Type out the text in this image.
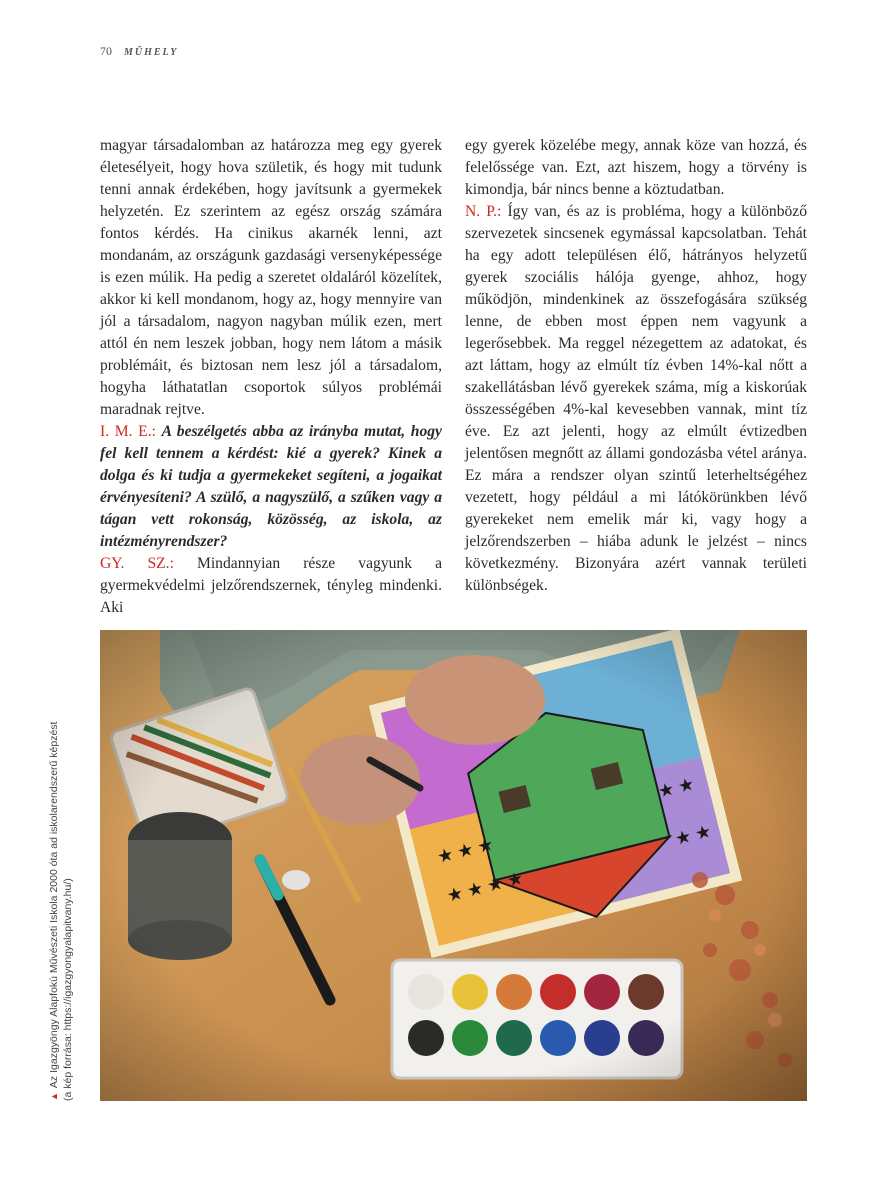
70 MŰHELY

magyar társadalomban az határozza meg egy gyerek életesélyeit, hogy hova születik, és hogy mit tudunk tenni annak érdekében, hogy javítsunk a gyermekek helyzetén. Ez szerintem az egész ország számára fontos kérdés. Ha cinikus akarnék lenni, azt mondanám, az országunk gazdasági versenyképessége is ezen múlik. Ha pedig a szeretet oldaláról közelítek, akkor ki kell mondanom, hogy az, hogy mennyire van jól a társadalom, nagyon nagyban múlik ezen, mert attól én nem leszek jobban, hogy nem látom a másik problémáit, és biztosan nem lesz jól a társadalom, hogyha láthatatlan csoportok súlyos problémái maradnak rejtve.

I. M. E.: A beszélgetés abba az irányba mutat, hogy fel kell tennem a kérdést: kié a gyerek? Kinek a dolga és ki tudja a gyermekeket segíteni, a jogaikat érvényesíteni? A szülő, a nagyszülő, a szűken vagy a tágan vett rokonság, közösség, az iskola, az intézményrendszer?

GY. SZ.: Mindannyian része vagyunk a gyermekvédelmi jelzőrendszernek, tényleg mindenki. Aki

egy gyerek közelébe megy, annak köze van hozzá, és felelőssége van. Ezt, azt hiszem, hogy a törvény is kimondja, bár nincs benne a köztudatban.

N. P.: Így van, és az is probléma, hogy a különböző szervezetek sincsenek egymással kapcsolatban. Tehát ha egy adott településen élő, hátrányos helyzetű gyerek szociális hálója gyenge, ahhoz, hogy működjön, mindenkinek az összefogására szükség lenne, de ebben most éppen nem vagyunk a legerősebbek. Ma reggel nézegettem az adatokat, és azt láttam, hogy az elmúlt tíz évben 14%-kal nőtt a szakellátásban lévő gyerekek száma, míg a kiskorúak összességében 4%-kal kevesebben vannak, mint tíz éve. Ez azt jelenti, hogy az elmúlt évtizedben jelentősen megnőtt az állami gondozásba vétel aránya. Ez mára a rendszer olyan szintű leterheltségéhez vezetett, hogy például a mi látókörünkben lévő gyerekeket nem emelik már ki, vagy hogy a jelzőrendszerben – hiába adunk le jelzést – nincs következmény. Bizonyára azért vannak területi különbségek.

▲Az Igazgyöngy Alapfokú Művészeti Iskola 2000 óta ad iskolarendszerű képzést (a kép forrása: https://igazgyongyalapitvany.hu/)
